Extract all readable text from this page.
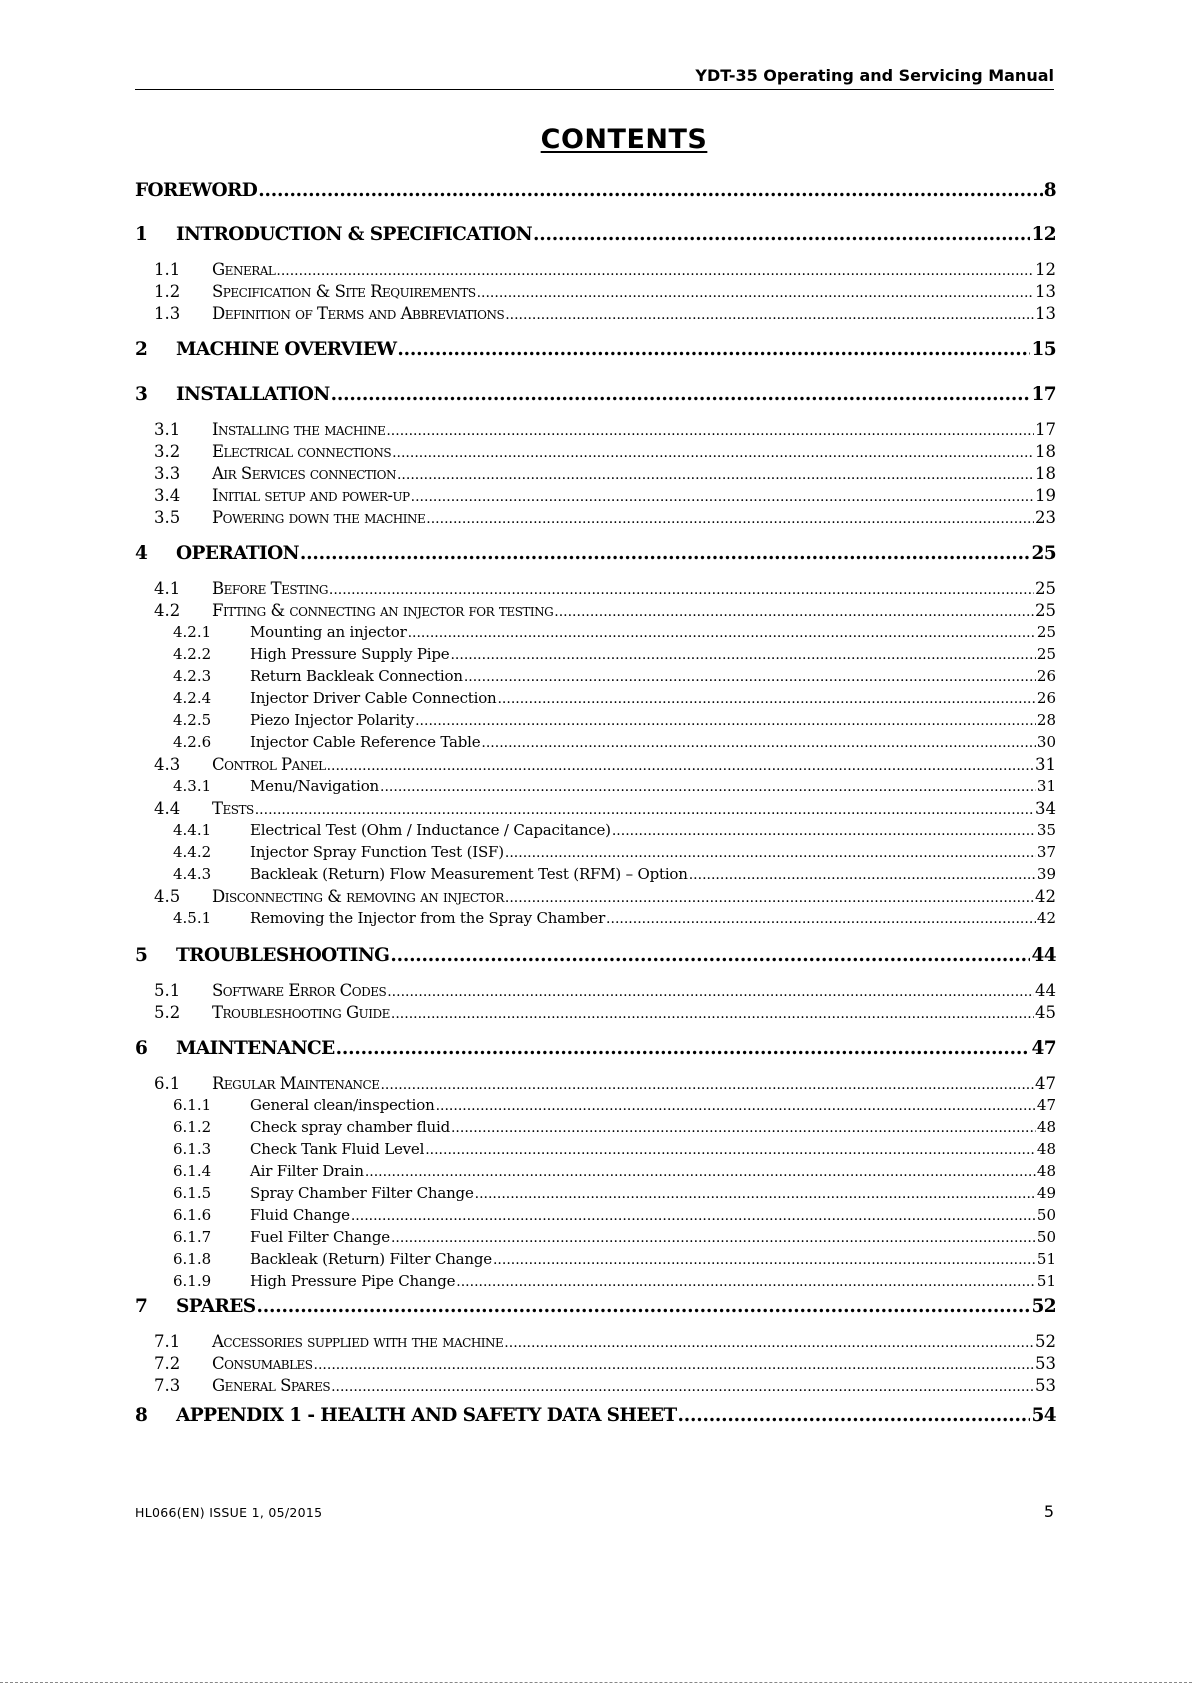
YDT-35 Operating and Servicing Manual
CONTENTS
FOREWORD .....	8
1	INTRODUCTION & SPECIFICATION .....	12
1.1	General .....	12
1.2	Specification & Site Requirements .....	13
1.3	Definition of Terms and Abbreviations .....	13
2	MACHINE OVERVIEW .....	15
3	INSTALLATION .....	17
3.1	Installing the machine .....	17
3.2	Electrical connections .....	18
3.3	Air Services connection .....	18
3.4	Initial setup and power-up .....	19
3.5	Powering down the machine .....	23
4	OPERATION .....	25
4.1	Before Testing .....	25
4.2	Fitting & connecting an injector for testing .....	25
4.2.1	Mounting an injector .....	25
4.2.2	High Pressure Supply Pipe .....	25
4.2.3	Return Backleak Connection .....	26
4.2.4	Injector Driver Cable Connection .....	26
4.2.5	Piezo Injector Polarity .....	28
4.2.6	Injector Cable Reference Table .....	30
4.3	Control Panel .....	31
4.3.1	Menu/Navigation .....	31
4.4	Tests .....	34
4.4.1	Electrical Test (Ohm / Inductance / Capacitance) .....	35
4.4.2	Injector Spray Function Test (ISF) .....	37
4.4.3	Backleak (Return) Flow Measurement Test (RFM) – Option .....	39
4.5	Disconnecting & removing an injector .....	42
4.5.1	Removing the Injector from the Spray Chamber .....	42
5	TROUBLESHOOTING .....	44
5.1	Software Error Codes .....	44
5.2	Troubleshooting Guide .....	45
6	MAINTENANCE .....	47
6.1	Regular Maintenance .....	47
6.1.1	General clean/inspection .....	47
6.1.2	Check spray chamber fluid .....	48
6.1.3	Check Tank Fluid Level .....	48
6.1.4	Air Filter Drain .....	48
6.1.5	Spray Chamber Filter Change .....	49
6.1.6	Fluid Change .....	50
6.1.7	Fuel Filter Change .....	50
6.1.8	Backleak (Return) Filter Change .....	51
6.1.9	High Pressure Pipe Change .....	51
7	SPARES .....	52
7.1	Accessories supplied with the machine .....	52
7.2	Consumables .....	53
7.3	General Spares .....	53
8	APPENDIX 1 - HEALTH AND SAFETY DATA SHEET .....	54
HL066(EN) ISSUE 1, 05/2015	5
